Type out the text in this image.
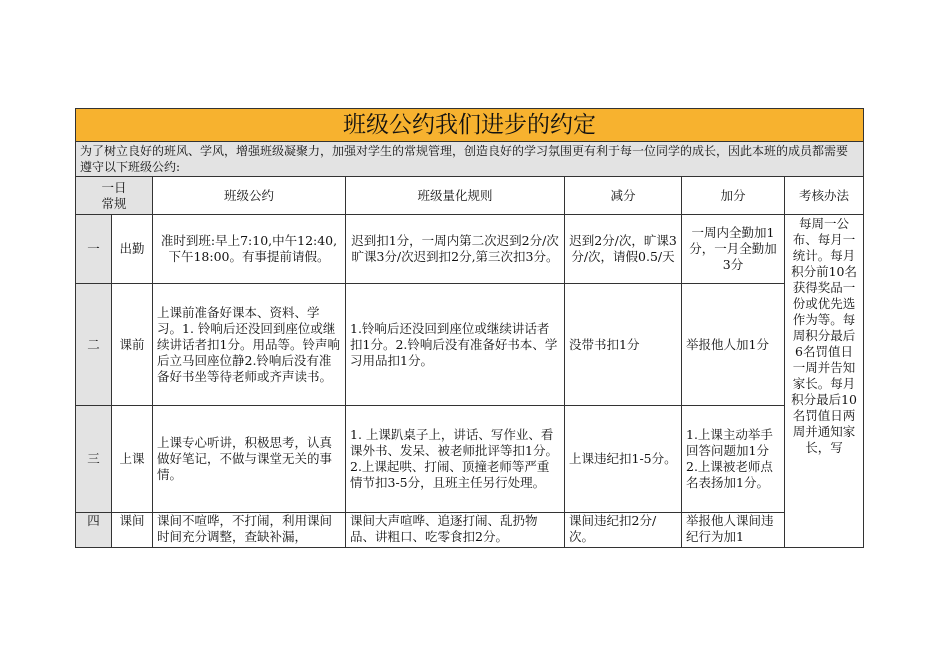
班级公约我们进步的约定						
为了树立良好的班风、学风，增强班级凝聚力，加强对学生的常规管理，创造良好的学习氛围更有利于每一位同学的成长，因此本班的成员都需要遵守以下班级公约:						

一日
常规		班级公约	班级量化规则	减分	加分	考核办法
一	出勤	准时到班:早上7:10,中午12:40,下午18:00。有事提前请假。	迟到扣1分，一周内第二次迟到2分/次旷课3分/次迟到扣2分,第三次扣3分。	迟到2分/次，旷课3分/次，请假0.5/天	一周内全勤加1分，一月全勤加3分	每周一公布、每月一统计。每月积分前10名获得奖品一份或优先选作为等。每周积分最后6名罚值日一周并告知家长。每月积分最后10名罚值日两周并通知家长，写

二	课前	上课前准备好课本、资料、学习。1. 铃响后还没回到座位或继续讲话者扣1分。用品等。铃声响后立马回座位静2.铃响后没有准备好书坐等待老师或齐声读书。	1.铃响后还没回到座位或继续讲话者扣1分。2.铃响后没有准备好书本、学习用品扣1分。	没带书扣1分	举报他人加1分	
三	上课	上课专心听讲，积极思考，认真做好笔记，不做与课堂无关的事情。	1. 上课趴桌子上，讲话、写作业、看课外书、发呆、被老师批评等扣1分。2.上课起哄、打闹、顶撞老师等严重情节扣3-5分，且班主任另行处理。	上课违纪扣1-5分。	1.上课主动举手回答问题加1分2.上课被老师点名表扬加1分。	
四	课间	课间不喧哗，不打闹，利用课间时间充分调整，查缺补漏，	课间大声喧哗、追逐打闹、乱扔物品、讲粗口、吃零食扣2分。	课间违纪扣2分/次。	举报他人课间违纪行为加1	
